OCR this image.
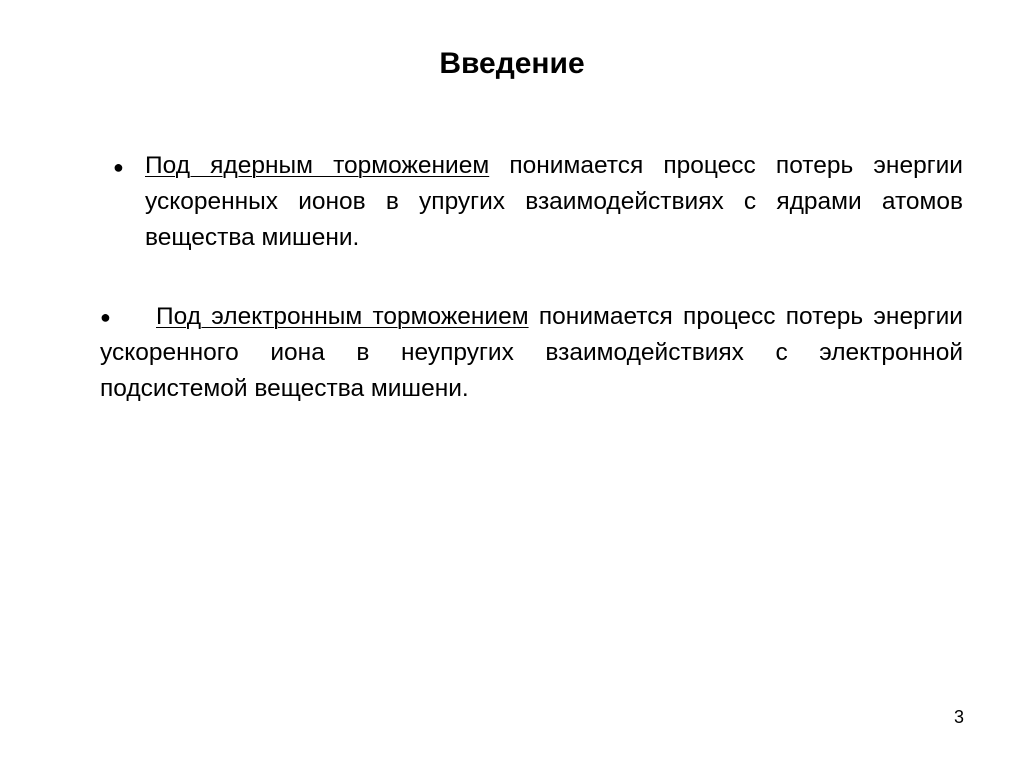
Введение
● Под ядерным торможением понимается процесс потерь энергии ускоренных ионов в упругих взаимодействиях с ядрами атомов вещества мишени.
●	Под электронным торможением понимается процесс потерь энергии ускоренного иона в неупругих взаимодействиях с электронной подсистемой вещества мишени.
3
